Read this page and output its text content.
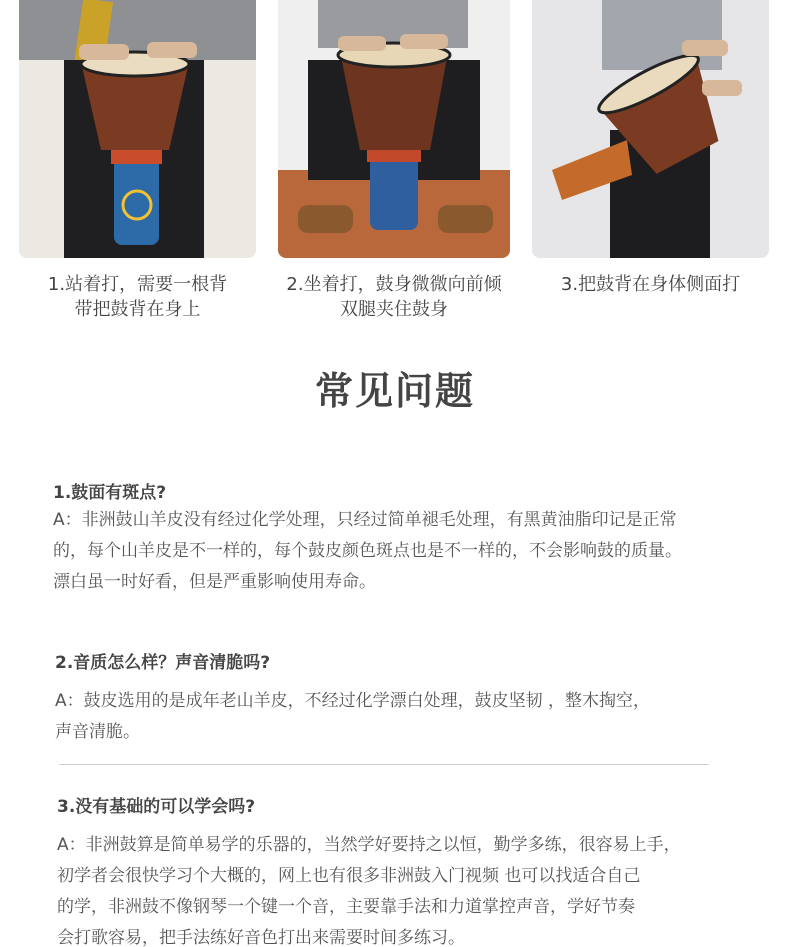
1.站着打，需要一根背
带把鼓背在身上
2.坐着打，鼓身微微向前倾
双腿夹住鼓身
3.把鼓背在身体侧面打
常见问题
1.鼓面有斑点?
A：非洲鼓山羊皮没有经过化学处理，只经过简单褪毛处理，有黑黄油脂印记是正常
的，每个山羊皮是不一样的，每个鼓皮颜色斑点也是不一样的，不会影响鼓的质量。
漂白虽一时好看，但是严重影响使用寿命。
2.音质怎么样？声音清脆吗?
A：鼓皮选用的是成年老山羊皮，不经过化学漂白处理，鼓皮坚韧 ，整木掏空，
声音清脆。
3.没有基础的可以学会吗?
A：非洲鼓算是简单易学的乐器的，当然学好要持之以恒，勤学多练，很容易上手，
初学者会很快学习个大概的，网上也有很多非洲鼓入门视频 也可以找适合自己
的学，非洲鼓不像钢琴一个键一个音，主要靠手法和力道掌控声音，学好节奏
会打歌容易，把手法练好音色打出来需要时间多练习。
